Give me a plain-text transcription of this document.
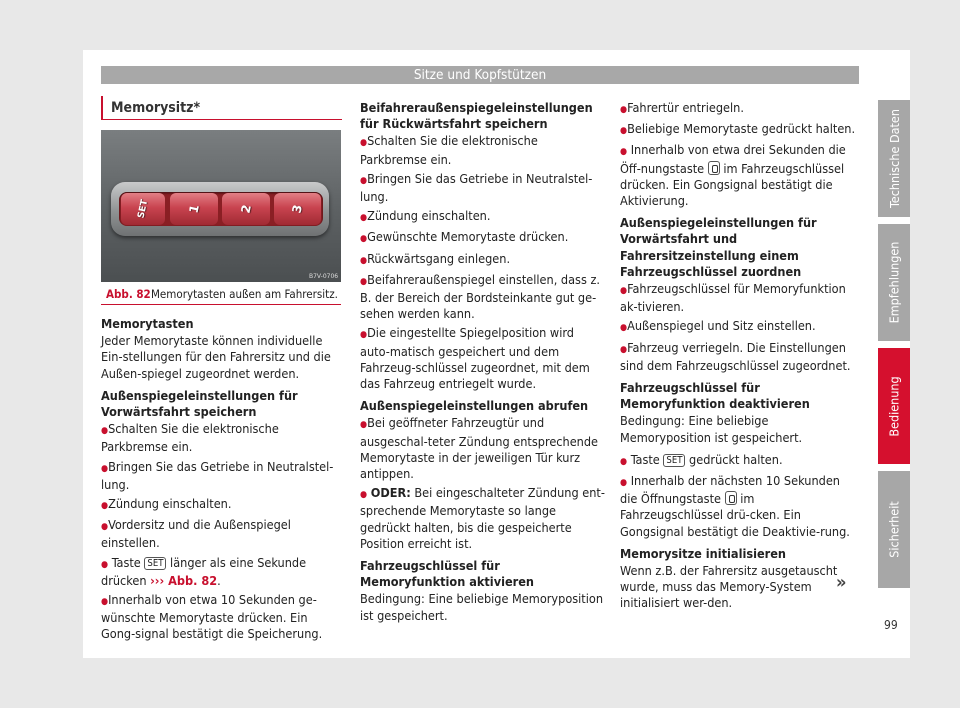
Sitze und Kopfstützen
Memorysitz*
SET	1	2	3
B7V-0706
Abb. 82 Memorytasten außen am Fahrersitz.

Memorytasten

Jeder Memorytaste können individuelle Ein-stellungen für den Fahrersitz und die Außen-spiegel zugeordnet werden.

Außenspiegeleinstellungen für Vorwärtsfahrt speichern

● Schalten Sie die elektronische Parkbremse ein.

● Bringen Sie das Getriebe in Neutralstel-lung.

● Zündung einschalten.

● Vordersitz und die Außenspiegel einstellen.

● Taste SET länger als eine Sekunde drücken ››› Abb. 82.

● Innerhalb von etwa 10 Sekunden ge-wünschte Memorytaste drücken. Ein Gong-signal bestätigt die Speicherung.

Beifahreraußenspiegeleinstellungen für Rückwärtsfahrt speichern

● Schalten Sie die elektronische Parkbremse ein.

● Bringen Sie das Getriebe in Neutralstel-lung.

● Zündung einschalten.

● Gewünschte Memorytaste drücken.

● Rückwärtsgang einlegen.

● Beifahreraußenspiegel einstellen, dass z. B. der Bereich der Bordsteinkante gut ge-sehen werden kann.

● Die eingestellte Spiegelposition wird auto-matisch gespeichert und dem Fahrzeug-schlüssel zugeordnet, mit dem das Fahrzeug entriegelt wurde.

Außenspiegeleinstellungen abrufen

● Bei geöffneter Fahrzeugtür und ausgeschal-teter Zündung entsprechende Memorytaste in der jeweiligen Tür kurz antippen.

● ODER: Bei eingeschalteter Zündung ent-sprechende Memorytaste so lange gedrückt halten, bis die gespeicherte Position erreicht ist.

Fahrzeugschlüssel für Memoryfunktion aktivieren

Bedingung: Eine beliebige Memoryposition ist gespeichert.

● Fahrertür entriegeln.

● Beliebige Memorytaste gedrückt halten.

● Innerhalb von etwa drei Sekunden die Öff-nungstaste im Fahrzeugschlüssel drücken. Ein Gongsignal bestätigt die Aktivierung.

Außenspiegeleinstellungen für Vorwärtsfahrt und Fahrersitzeinstellung einem Fahrzeugschlüssel zuordnen

● Fahrzeugschlüssel für Memoryfunktion ak-tivieren.

● Außenspiegel und Sitz einstellen.

● Fahrzeug verriegeln. Die Einstellungen sind dem Fahrzeugschlüssel zugeordnet.

Fahrzeugschlüssel für Memoryfunktion deaktivieren

Bedingung: Eine beliebige Memoryposition ist gespeichert.

● Taste SET gedrückt halten.

● Innerhalb der nächsten 10 Sekunden die Öffnungstaste im Fahrzeugschlüssel drü-cken. Ein Gongsignal bestätigt die Deaktivie-rung.

Memorysitze initialisieren

Wenn z.B. der Fahrersitz ausgetauscht wurde, muss das Memory-System initialisiert wer-den.

»
Technische Daten
Empfehlungen
Bedienung
Sicherheit
99
